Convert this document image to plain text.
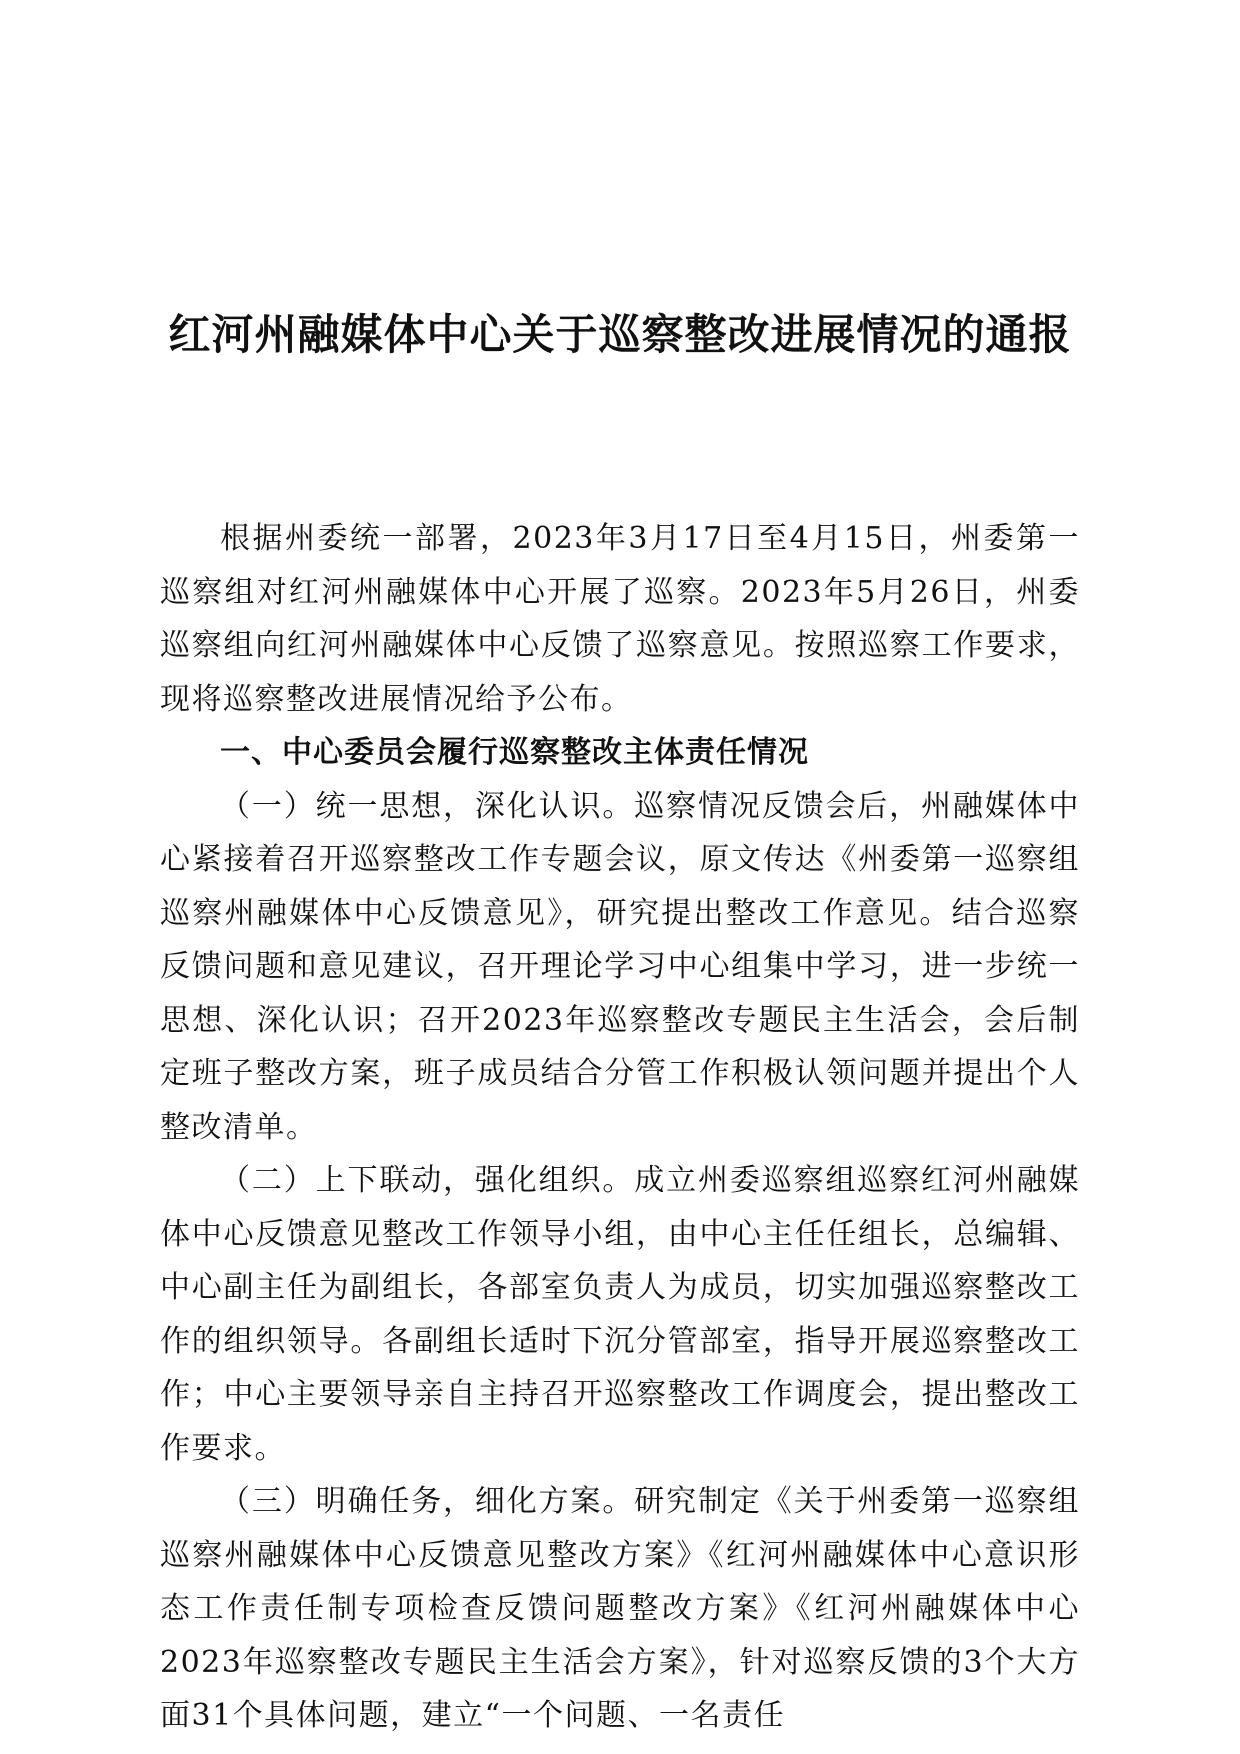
红河州融媒体中心关于巡察整改进展情况的通报

根据州委统一部署，2023年3月17日至4月15日，州委第一巡察组对红河州融媒体中心开展了巡察。2023年5月26日，州委巡察组向红河州融媒体中心反馈了巡察意见。按照巡察工作要求，现将巡察整改进展情况给予公布。

一、中心委员会履行巡察整改主体责任情况

（一）统一思想，深化认识。巡察情况反馈会后，州融媒体中心紧接着召开巡察整改工作专题会议，原文传达《州委第一巡察组巡察州融媒体中心反馈意见》，研究提出整改工作意见。结合巡察反馈问题和意见建议，召开理论学习中心组集中学习，进一步统一思想、深化认识；召开2023年巡察整改专题民主生活会，会后制定班子整改方案，班子成员结合分管工作积极认领问题并提出个人整改清单。

（二）上下联动，强化组织。成立州委巡察组巡察红河州融媒体中心反馈意见整改工作领导小组，由中心主任任组长，总编辑、中心副主任为副组长，各部室负责人为成员，切实加强巡察整改工作的组织领导。各副组长适时下沉分管部室，指导开展巡察整改工作；中心主要领导亲自主持召开巡察整改工作调度会，提出整改工作要求。

（三）明确任务，细化方案。研究制定《关于州委第一巡察组巡察州融媒体中心反馈意见整改方案》《红河州融媒体中心意识形态工作责任制专项检查反馈问题整改方案》《红河州融媒体中心2023年巡察整改专题民主生活会方案》，针对巡察反馈的3个大方面31个具体问题，建立“一个问题、一名责任
